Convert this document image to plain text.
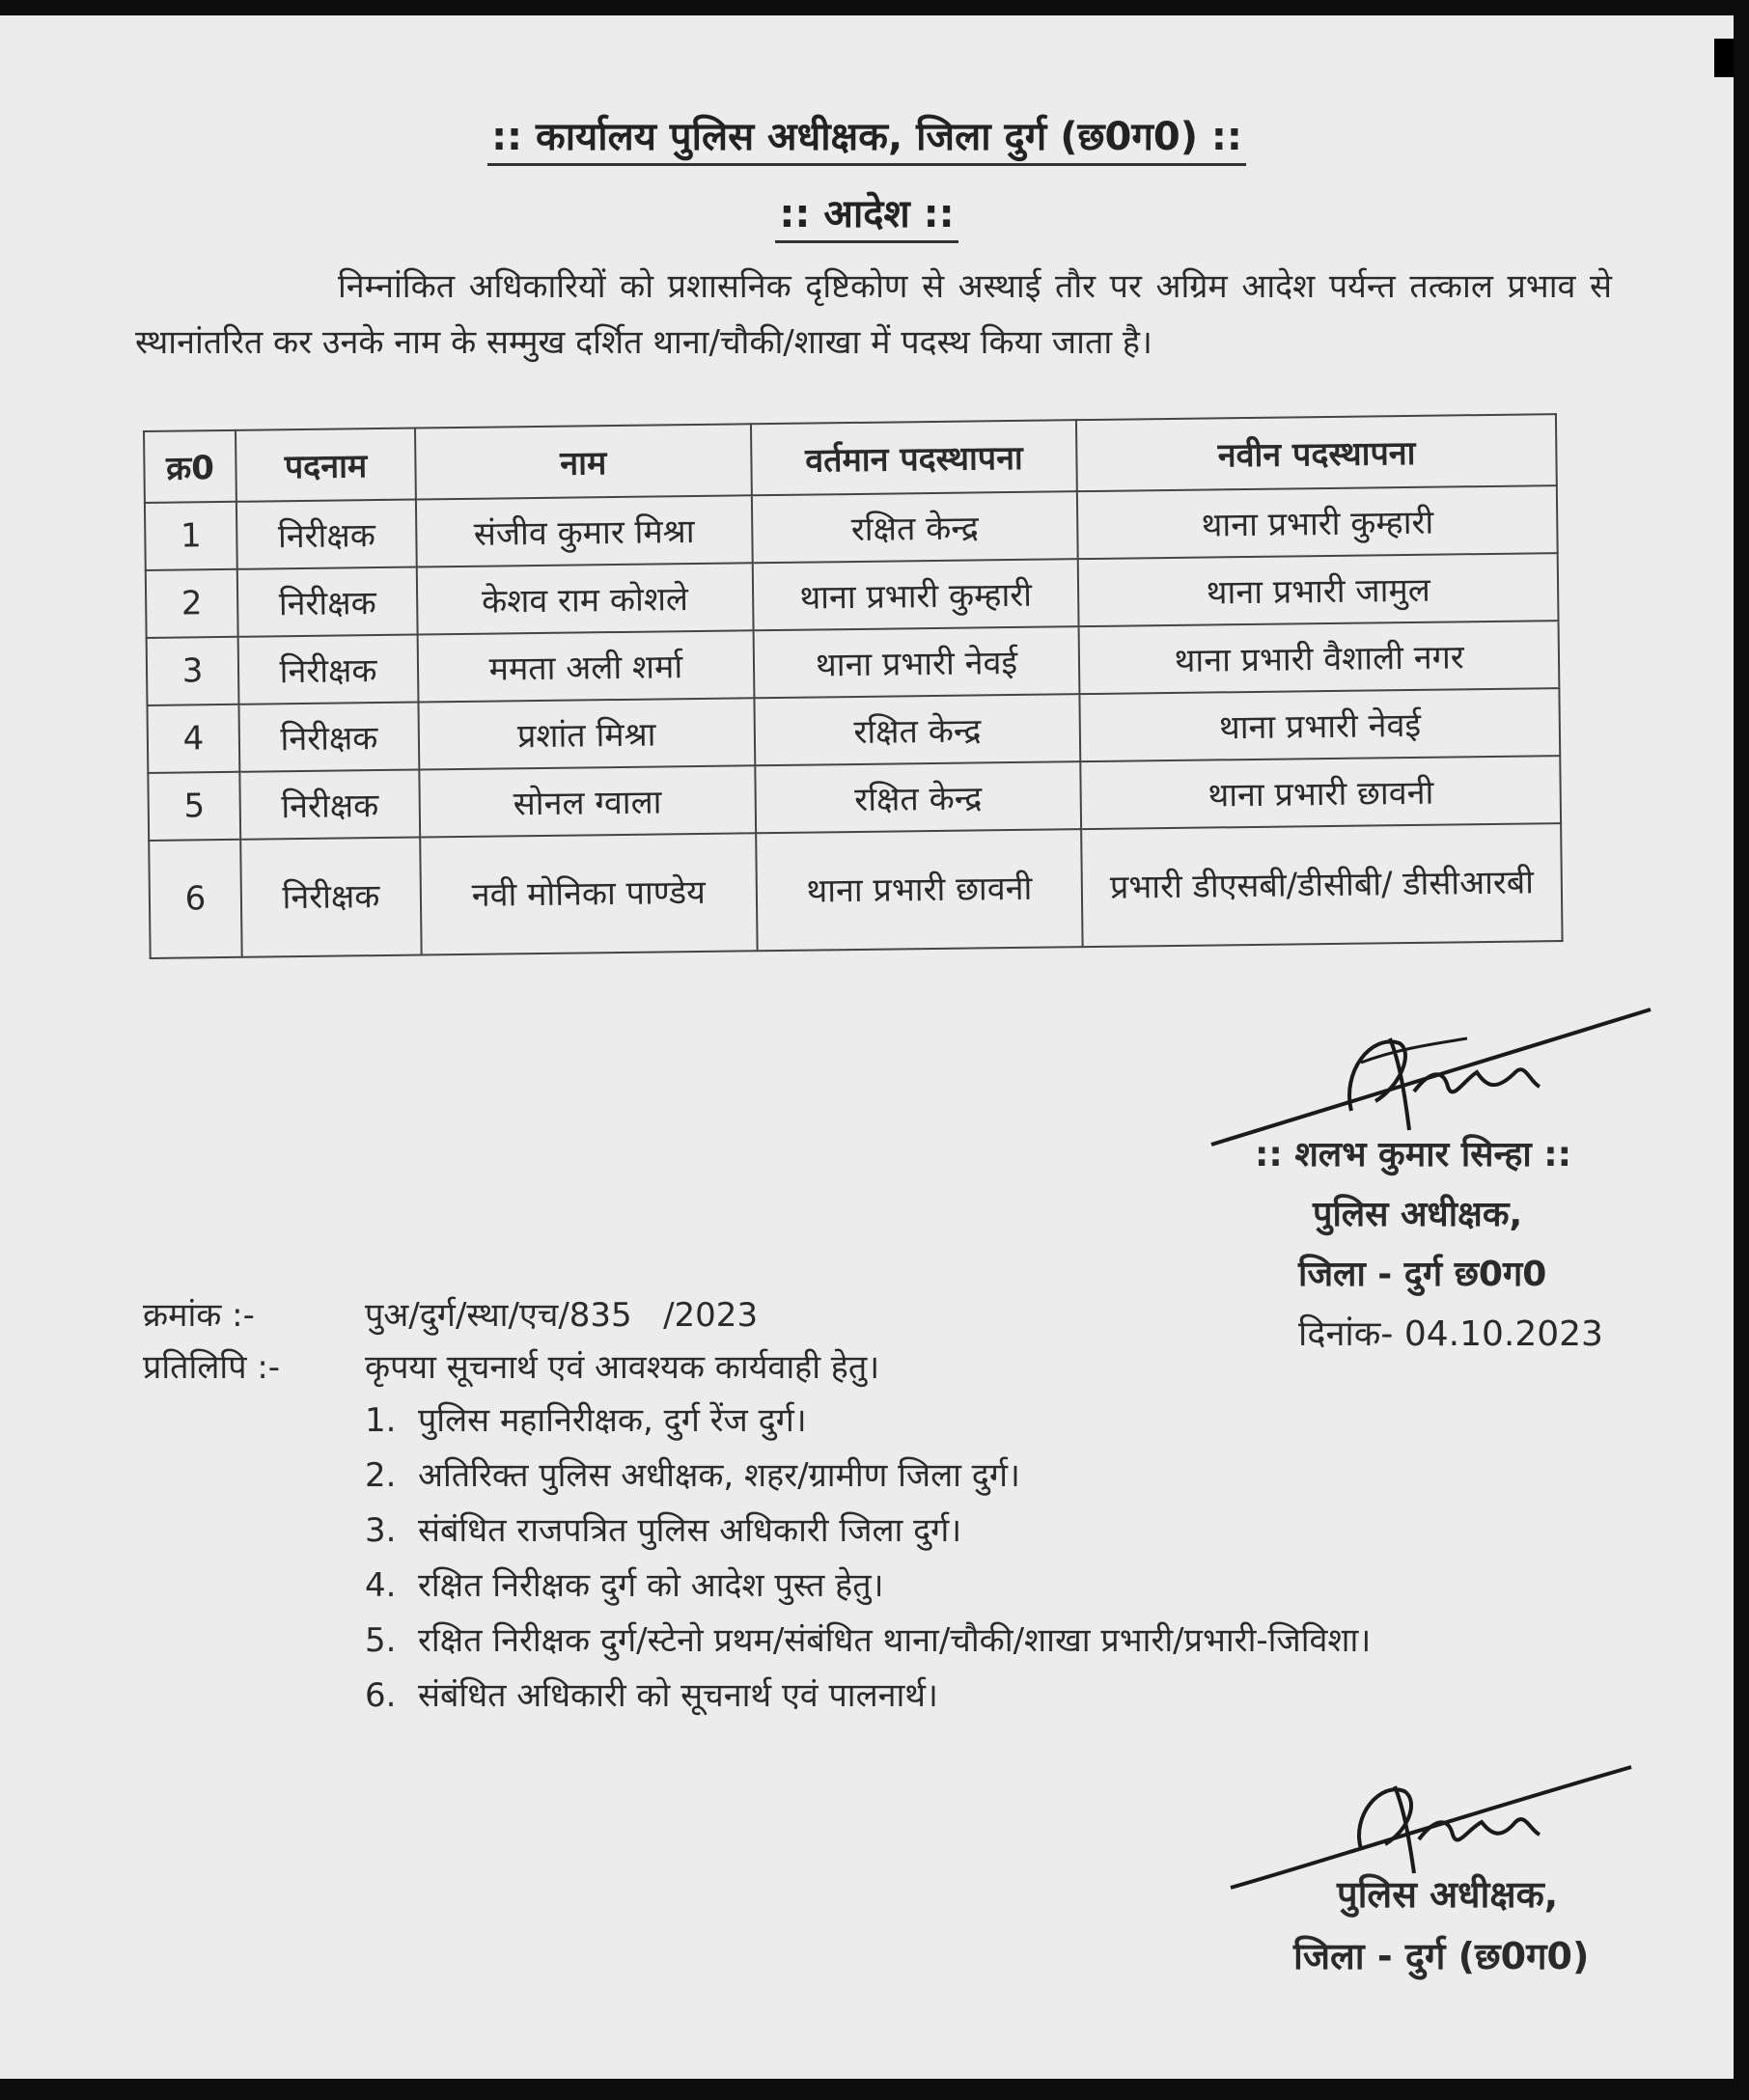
:: कार्यालय पुलिस अधीक्षक, जिला दुर्ग (छ0ग0) ::
:: आदेश ::
निम्नांकित अधिकारियों को प्रशासनिक दृष्टिकोण से अस्थाई तौर पर अग्रिम आदेश पर्यन्त तत्काल प्रभाव से स्थानांतरित कर उनके नाम के सम्मुख दर्शित थाना/चौकी/शाखा में पदस्थ किया जाता है।
क्र0	पदनाम	नाम	वर्तमान पदस्थापना	नवीन पदस्थापना
1	निरीक्षक	संजीव कुमार मिश्रा	रक्षित केन्द्र	थाना प्रभारी कुम्हारी
2	निरीक्षक	केशव राम कोशले	थाना प्रभारी कुम्हारी	थाना प्रभारी जामुल
3	निरीक्षक	ममता अली शर्मा	थाना प्रभारी नेवई	थाना प्रभारी वैशाली नगर
4	निरीक्षक	प्रशांत मिश्रा	रक्षित केन्द्र	थाना प्रभारी नेवई
5	निरीक्षक	सोनल ग्वाला	रक्षित केन्द्र	थाना प्रभारी छावनी
6	निरीक्षक	नवी मोनिका पाण्डेय	थाना प्रभारी छावनी	प्रभारी डीएसबी/डीसीबी/ डीसीआरबी
:: शलभ कुमार सिन्हा ::
पुलिस अधीक्षक,
जिला - दुर्ग छ0ग0
दिनांक- 04.10.2023
क्रमांक :-	पुअ/दुर्ग/स्था/एच/835   /2023
प्रतिलिपि :-	कृपया सूचनार्थ एवं आवश्यक कार्यवाही हेतु।
1. पुलिस महानिरीक्षक, दुर्ग रेंज दुर्ग।
2. अतिरिक्त पुलिस अधीक्षक, शहर/ग्रामीण जिला दुर्ग।
3. संबंधित राजपत्रित पुलिस अधिकारी जिला दुर्ग।
4. रक्षित निरीक्षक दुर्ग को आदेश पुस्त हेतु।
5. रक्षित निरीक्षक दुर्ग/स्टेनो प्रथम/संबंधित थाना/चौकी/शाखा प्रभारी/प्रभारी-जिविशा।
6. संबंधित अधिकारी को सूचनार्थ एवं पालनार्थ।
पुलिस अधीक्षक,
जिला - दुर्ग (छ0ग0)
